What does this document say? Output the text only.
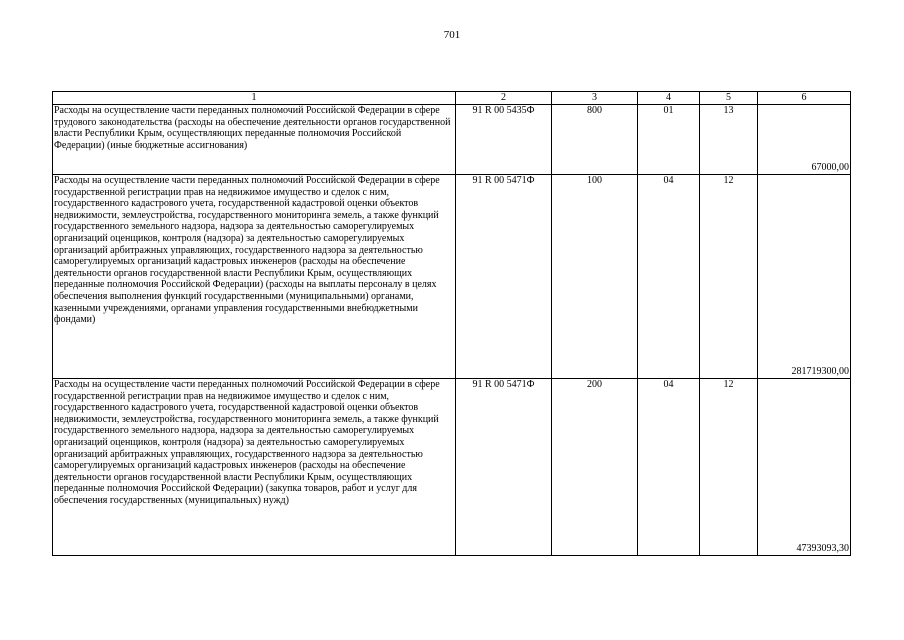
701
1	2	3	4	5	6
Расходы на осуществление части переданных полномочий Российской Федерации в сфере трудового законодательства (расходы на обеспечение деятельности органов государственной власти Республики Крым, осуществляющих переданные полномочия Российской Федерации) (иные бюджетные ассигнования)	91 R 00 5435Ф	800	01	13	67000,00
Расходы на осуществление части переданных полномочий Российской Федерации в сфере государственной регистрации прав на недвижимое имущество и сделок с ним, государственного кадастрового учета, государственной кадастровой оценки объектов недвижимости, землеустройства, государственного мониторинга земель, а также функций государственного земельного надзора, надзора за деятельностью саморегулируемых организаций оценщиков, контроля (надзора) за деятельностью саморегулируемых организаций арбитражных управляющих, государственного надзора за деятельностью саморегулируемых организаций кадастровых инженеров (расходы на обеспечение деятельности органов государственной власти Республики Крым, осуществляющих переданные полномочия Российской Федерации) (расходы на выплаты персоналу в целях обеспечения выполнения функций государственными (муниципальными) органами, казенными учреждениями, органами управления государственными внебюджетными фондами)	91 R 00 5471Ф	100	04	12	281719300,00
Расходы на осуществление части переданных полномочий Российской Федерации в сфере государственной регистрации прав на недвижимое имущество и сделок с ним, государственного кадастрового учета, государственной кадастровой оценки объектов недвижимости, землеустройства, государственного мониторинга земель, а также функций государственного земельного надзора, надзора за деятельностью саморегулируемых организаций оценщиков, контроля (надзора) за деятельностью саморегулируемых организаций арбитражных управляющих, государственного надзора за деятельностью саморегулируемых организаций кадастровых инженеров (расходы на обеспечение деятельности органов государственной власти Республики Крым, осуществляющих переданные полномочия Российской Федерации) (закупка товаров, работ и услуг для обеспечения государственных (муниципальных) нужд)	91 R 00 5471Ф	200	04	12	47393093,30
